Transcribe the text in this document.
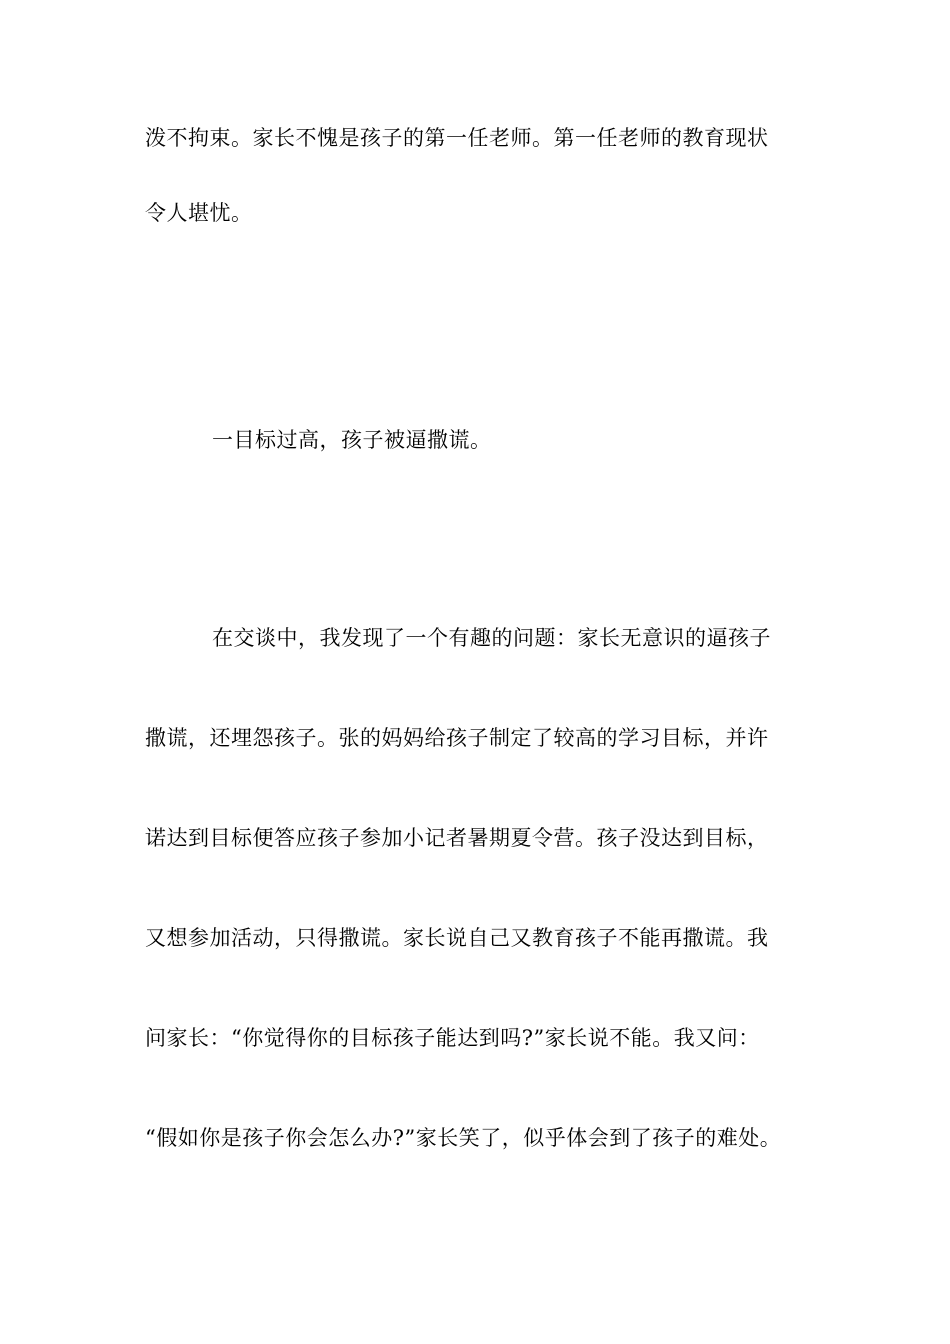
泼不拘束。家长不愧是孩子的第一任老师。第一任老师的教育现状
令人堪忧。
一目标过高，孩子被逼撒谎。
在交谈中，我发现了一个有趣的问题：家长无意识的逼孩子
撒谎，还埋怨孩子。张的妈妈给孩子制定了较高的学习目标，并许
诺达到目标便答应孩子参加小记者暑期夏令营。孩子没达到目标，
又想参加活动，只得撒谎。家长说自己又教育孩子不能再撒谎。我
问家长：“你觉得你的目标孩子能达到吗?”家长说不能。我又问：
“假如你是孩子你会怎么办?”家长笑了，似乎体会到了孩子的难处。
